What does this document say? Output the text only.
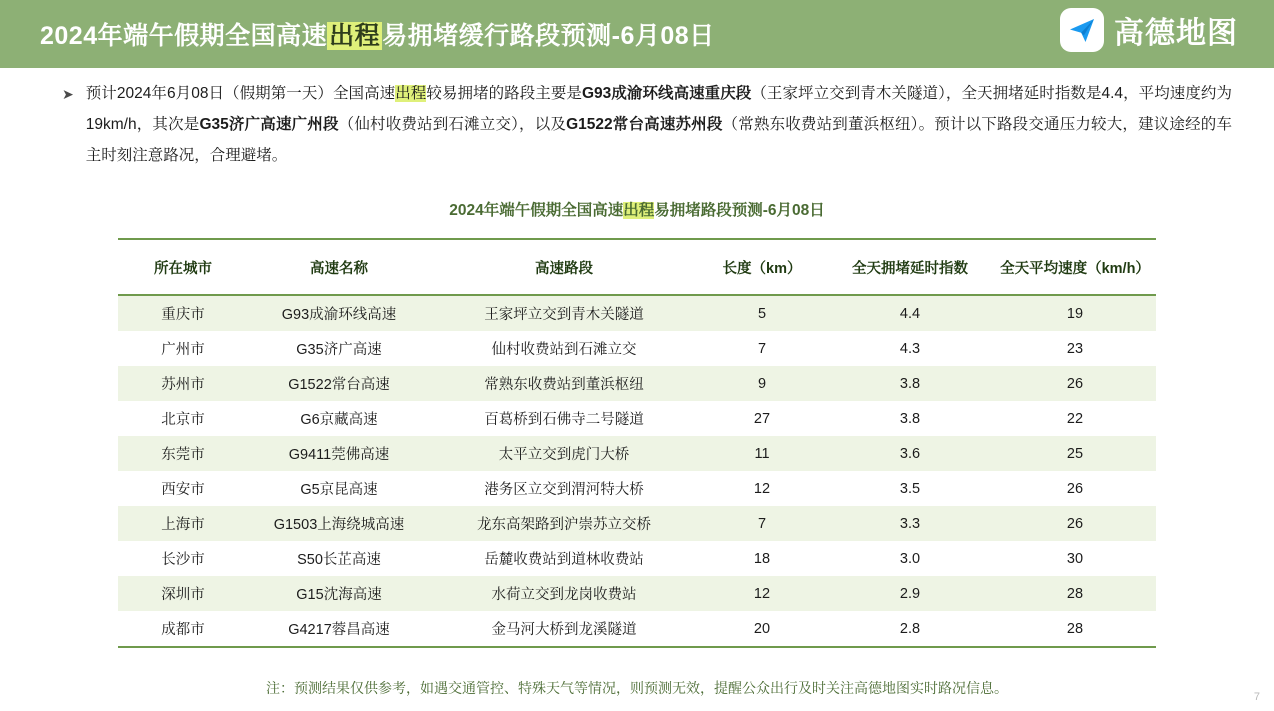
2024年端午假期全国高速出程易拥堵缓行路段预测-6月08日	高德地图
➤ 预计2024年6月08日（假期第一天）全国高速出程较易拥堵的路段主要是G93成渝环线高速重庆段（王家坪立交到青木关隧道），全天拥堵延时指数是4.4，平均速度约为19km/h，其次是G35济广高速广州段（仙村收费站到石滩立交），以及G1522常台高速苏州段（常熟东收费站到董浜枢纽）。预计以下路段交通压力较大，建议途经的车主时刻注意路况，合理避堵。
2024年端午假期全国高速出程易拥堵路段预测-6月08日
所在城市	高速名称	高速路段	长度（km）	全天拥堵延时指数	全天平均速度（km/h）
重庆市	G93成渝环线高速	王家坪立交到青木关隧道	5	4.4	19
广州市	G35济广高速	仙村收费站到石滩立交	7	4.3	23
苏州市	G1522常台高速	常熟东收费站到董浜枢纽	9	3.8	26
北京市	G6京藏高速	百葛桥到石佛寺二号隧道	27	3.8	22
东莞市	G9411莞佛高速	太平立交到虎门大桥	11	3.6	25
西安市	G5京昆高速	港务区立交到渭河特大桥	12	3.5	26
上海市	G1503上海绕城高速	龙东高架路到沪崇苏立交桥	7	3.3	26
长沙市	S50长芷高速	岳麓收费站到道林收费站	18	3.0	30
深圳市	G15沈海高速	水荷立交到龙岗收费站	12	2.9	28
成都市	G4217蓉昌高速	金马河大桥到龙溪隧道	20	2.8	28
注：预测结果仅供参考，如遇交通管控、特殊天气等情况，则预测无效，提醒公众出行及时关注高德地图实时路况信息。
7
